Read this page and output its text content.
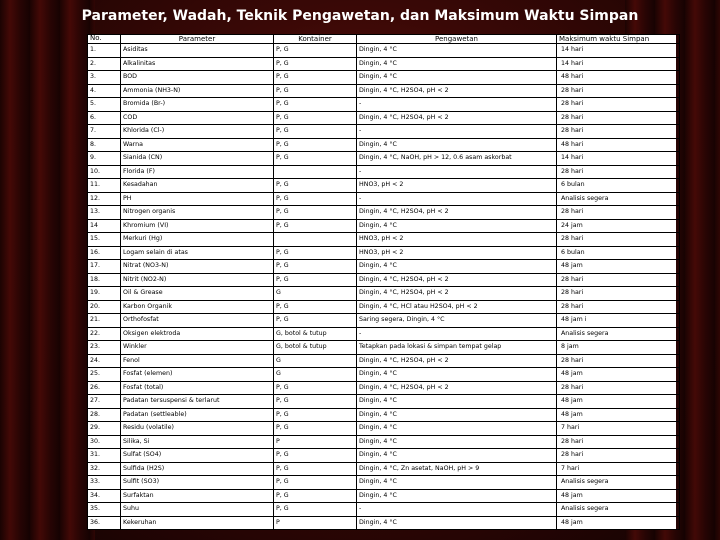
Parameter, Wadah, Teknik Pengawetan, dan Maksimum Waktu Simpan
No.	Parameter	Kontainer	Pengawetan	Maksimum waktu Simpan
1.	Asiditas	P, G	Dingin, 4 °C	14 hari
2.	Alkalinitas	P, G	Dingin, 4 °C	14 hari
3.	BOD	P, G	Dingin, 4 °C	48 hari
4.	Ammonia (NH3-N)	P, G	Dingin, 4 °C, H2SO4, pH < 2	28 hari
5.	Bromida (Br-)	P, G	-	28 hari
6.	COD	P, G	Dingin, 4 °C, H2SO4, pH < 2	28 hari
7.	Khlorida (Cl-)	P, G	-	28 hari
8.	Warna	P, G	Dingin, 4 °C	48 hari
9.	Sianida (CN)	P, G	Dingin, 4 °C, NaOH, pH > 12, 0.6 asam askorbat	14 hari
10.	Florida (F)		-	28 hari
11.	Kesadahan	P, G	HNO3, pH < 2	6 bulan
12.	PH	P, G	-	Analisis segera
13.	Nitrogen organis	P, G	Dingin, 4 °C, H2SO4, pH < 2	28 hari
14	Khromium (VI)	P, G	Dingin, 4 °C	24 jam
15.	Merkuri (Hg)		HNO3, pH < 2	28 hari
16.	Logam selain di atas	P, G	HNO3, pH < 2	6 bulan
17.	Nitrat (NO3-N)	P, G	Dingin, 4 °C	48 jam
18.	Nitrit (NO2-N)	P, G	Dingin, 4 °C, H2SO4, pH < 2	28 hari
19.	Oil & Grease	G	Dingin, 4 °C, H2SO4, pH < 2	28 hari
20.	Karbon Organik	P, G	Dingin, 4 °C, HCl atau H2SO4, pH < 2	28 hari
21.	Orthofosfat	P, G	Saring segera, Dingin, 4 °C	48 jam i
22.	Oksigen elektroda	G, botol & tutup	-	Analisis segera
23.	Winkler	G, botol & tutup	Tetapkan pada lokasi & simpan tempat gelap	8 jam
24.	Fenol	G	Dingin, 4 °C, H2SO4, pH < 2	28 hari
25.	Fosfat (elemen)	G	Dingin, 4 °C	48 jam
26.	Fosfat (total)	P, G	Dingin, 4 °C, H2SO4, pH < 2	28 hari
27.	Padatan tersuspensi & terlarut	P, G	Dingin, 4 °C	48 jam
28.	Padatan (settleable)	P, G	Dingin, 4 °C	48 jam
29.	Residu (volatile)	P, G	Dingin, 4 °C	7 hari
30.	Silika, Si	P	Dingin, 4 °C	28 hari
31.	Sulfat (SO4)	P, G	Dingin, 4 °C	28 hari
32.	Sulfida (H2S)	P, G	Dingin, 4 °C, Zn asetat, NaOH, pH > 9	7 hari
33.	Sulfit (SO3)	P, G	Dingin, 4 °C	Analisis segera
34.	Surfaktan	P, G	Dingin, 4 °C	48 jam
35.	Suhu	P, G	-	Analisis segera
36.	Kekeruhan	P	Dingin, 4 °C	48 jam
